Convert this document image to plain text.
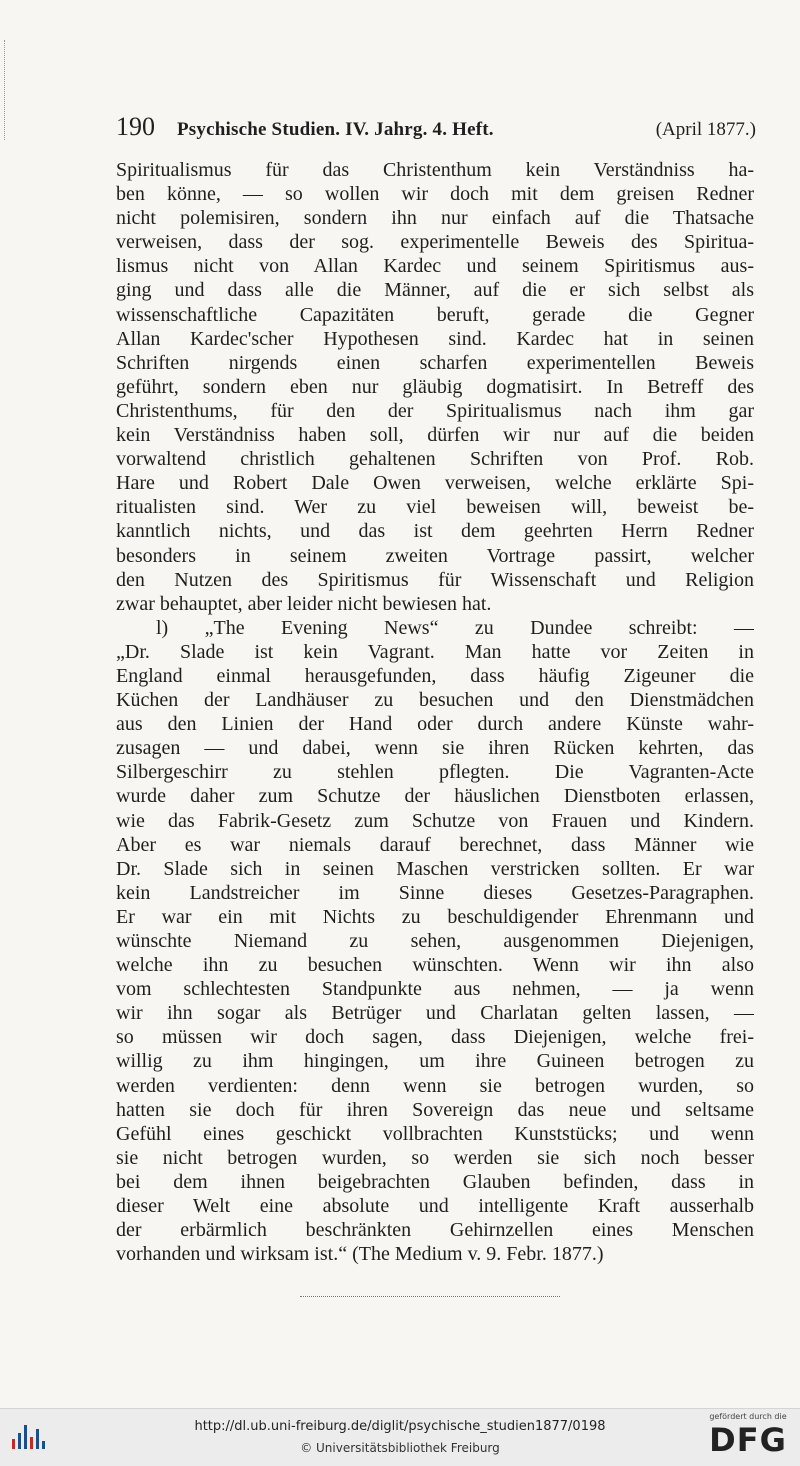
190 Psychische Studien. IV. Jahrg. 4. Heft.	(April 1877.)
Spiritualismus für das Christenthum kein Verständniss ha-
ben könne, — so wollen wir doch mit dem greisen Redner
nicht polemisiren, sondern ihn nur einfach auf die Thatsache
verweisen, dass der sog. experimentelle Beweis des Spiritua-
lismus nicht von Allan Kardec und seinem Spiritismus aus-
ging und dass alle die Männer, auf die er sich selbst als
wissenschaftliche Capazitäten beruft, gerade die Gegner
Allan Kardec'scher Hypothesen sind. Kardec hat in seinen
Schriften nirgends einen scharfen experimentellen Beweis
geführt, sondern eben nur gläubig dogmatisirt. In Betreff des
Christenthums, für den der Spiritualismus nach ihm gar
kein Verständniss haben soll, dürfen wir nur auf die beiden
vorwaltend christlich gehaltenen Schriften von Prof. Rob.
Hare und Robert Dale Owen verweisen, welche erklärte Spi-
ritualisten sind. Wer zu viel beweisen will, beweist be-
kanntlich nichts, und das ist dem geehrten Herrn Redner
besonders in seinem zweiten Vortrage passirt, welcher
den Nutzen des Spiritismus für Wissenschaft und Religion
zwar behauptet, aber leider nicht bewiesen hat.
l) „The Evening News“ zu Dundee schreibt: —
„Dr. Slade ist kein Vagrant. Man hatte vor Zeiten in
England einmal herausgefunden, dass häufig Zigeuner die
Küchen der Landhäuser zu besuchen und den Dienstmädchen
aus den Linien der Hand oder durch andere Künste wahr-
zusagen — und dabei, wenn sie ihren Rücken kehrten, das
Silbergeschirr zu stehlen pflegten. Die Vagranten-Acte
wurde daher zum Schutze der häuslichen Dienstboten erlassen,
wie das Fabrik-Gesetz zum Schutze von Frauen und Kindern.
Aber es war niemals darauf berechnet, dass Männer wie
Dr. Slade sich in seinen Maschen verstricken sollten. Er war
kein Landstreicher im Sinne dieses Gesetzes-Paragraphen.
Er war ein mit Nichts zu beschuldigender Ehrenmann und
wünschte Niemand zu sehen, ausgenommen Diejenigen,
welche ihn zu besuchen wünschten. Wenn wir ihn also
vom schlechtesten Standpunkte aus nehmen, — ja wenn
wir ihn sogar als Betrüger und Charlatan gelten lassen, —
so müssen wir doch sagen, dass Diejenigen, welche frei-
willig zu ihm hingingen, um ihre Guineen betrogen zu
werden verdienten: denn wenn sie betrogen wurden, so
hatten sie doch für ihren Sovereign das neue und seltsame
Gefühl eines geschickt vollbrachten Kunststücks; und wenn
sie nicht betrogen wurden, so werden sie sich noch besser
bei dem ihnen beigebrachten Glauben befinden, dass in
dieser Welt eine absolute und intelligente Kraft ausserhalb
der erbärmlich beschränkten Gehirnzellen eines Menschen
vorhanden und wirksam ist.“ (The Medium v. 9. Febr. 1877.)
http://dl.ub.uni-freiburg.de/diglit/psychische_studien1877/0198
© Universitätsbibliothek Freiburg
gefördert durch die
DFG
